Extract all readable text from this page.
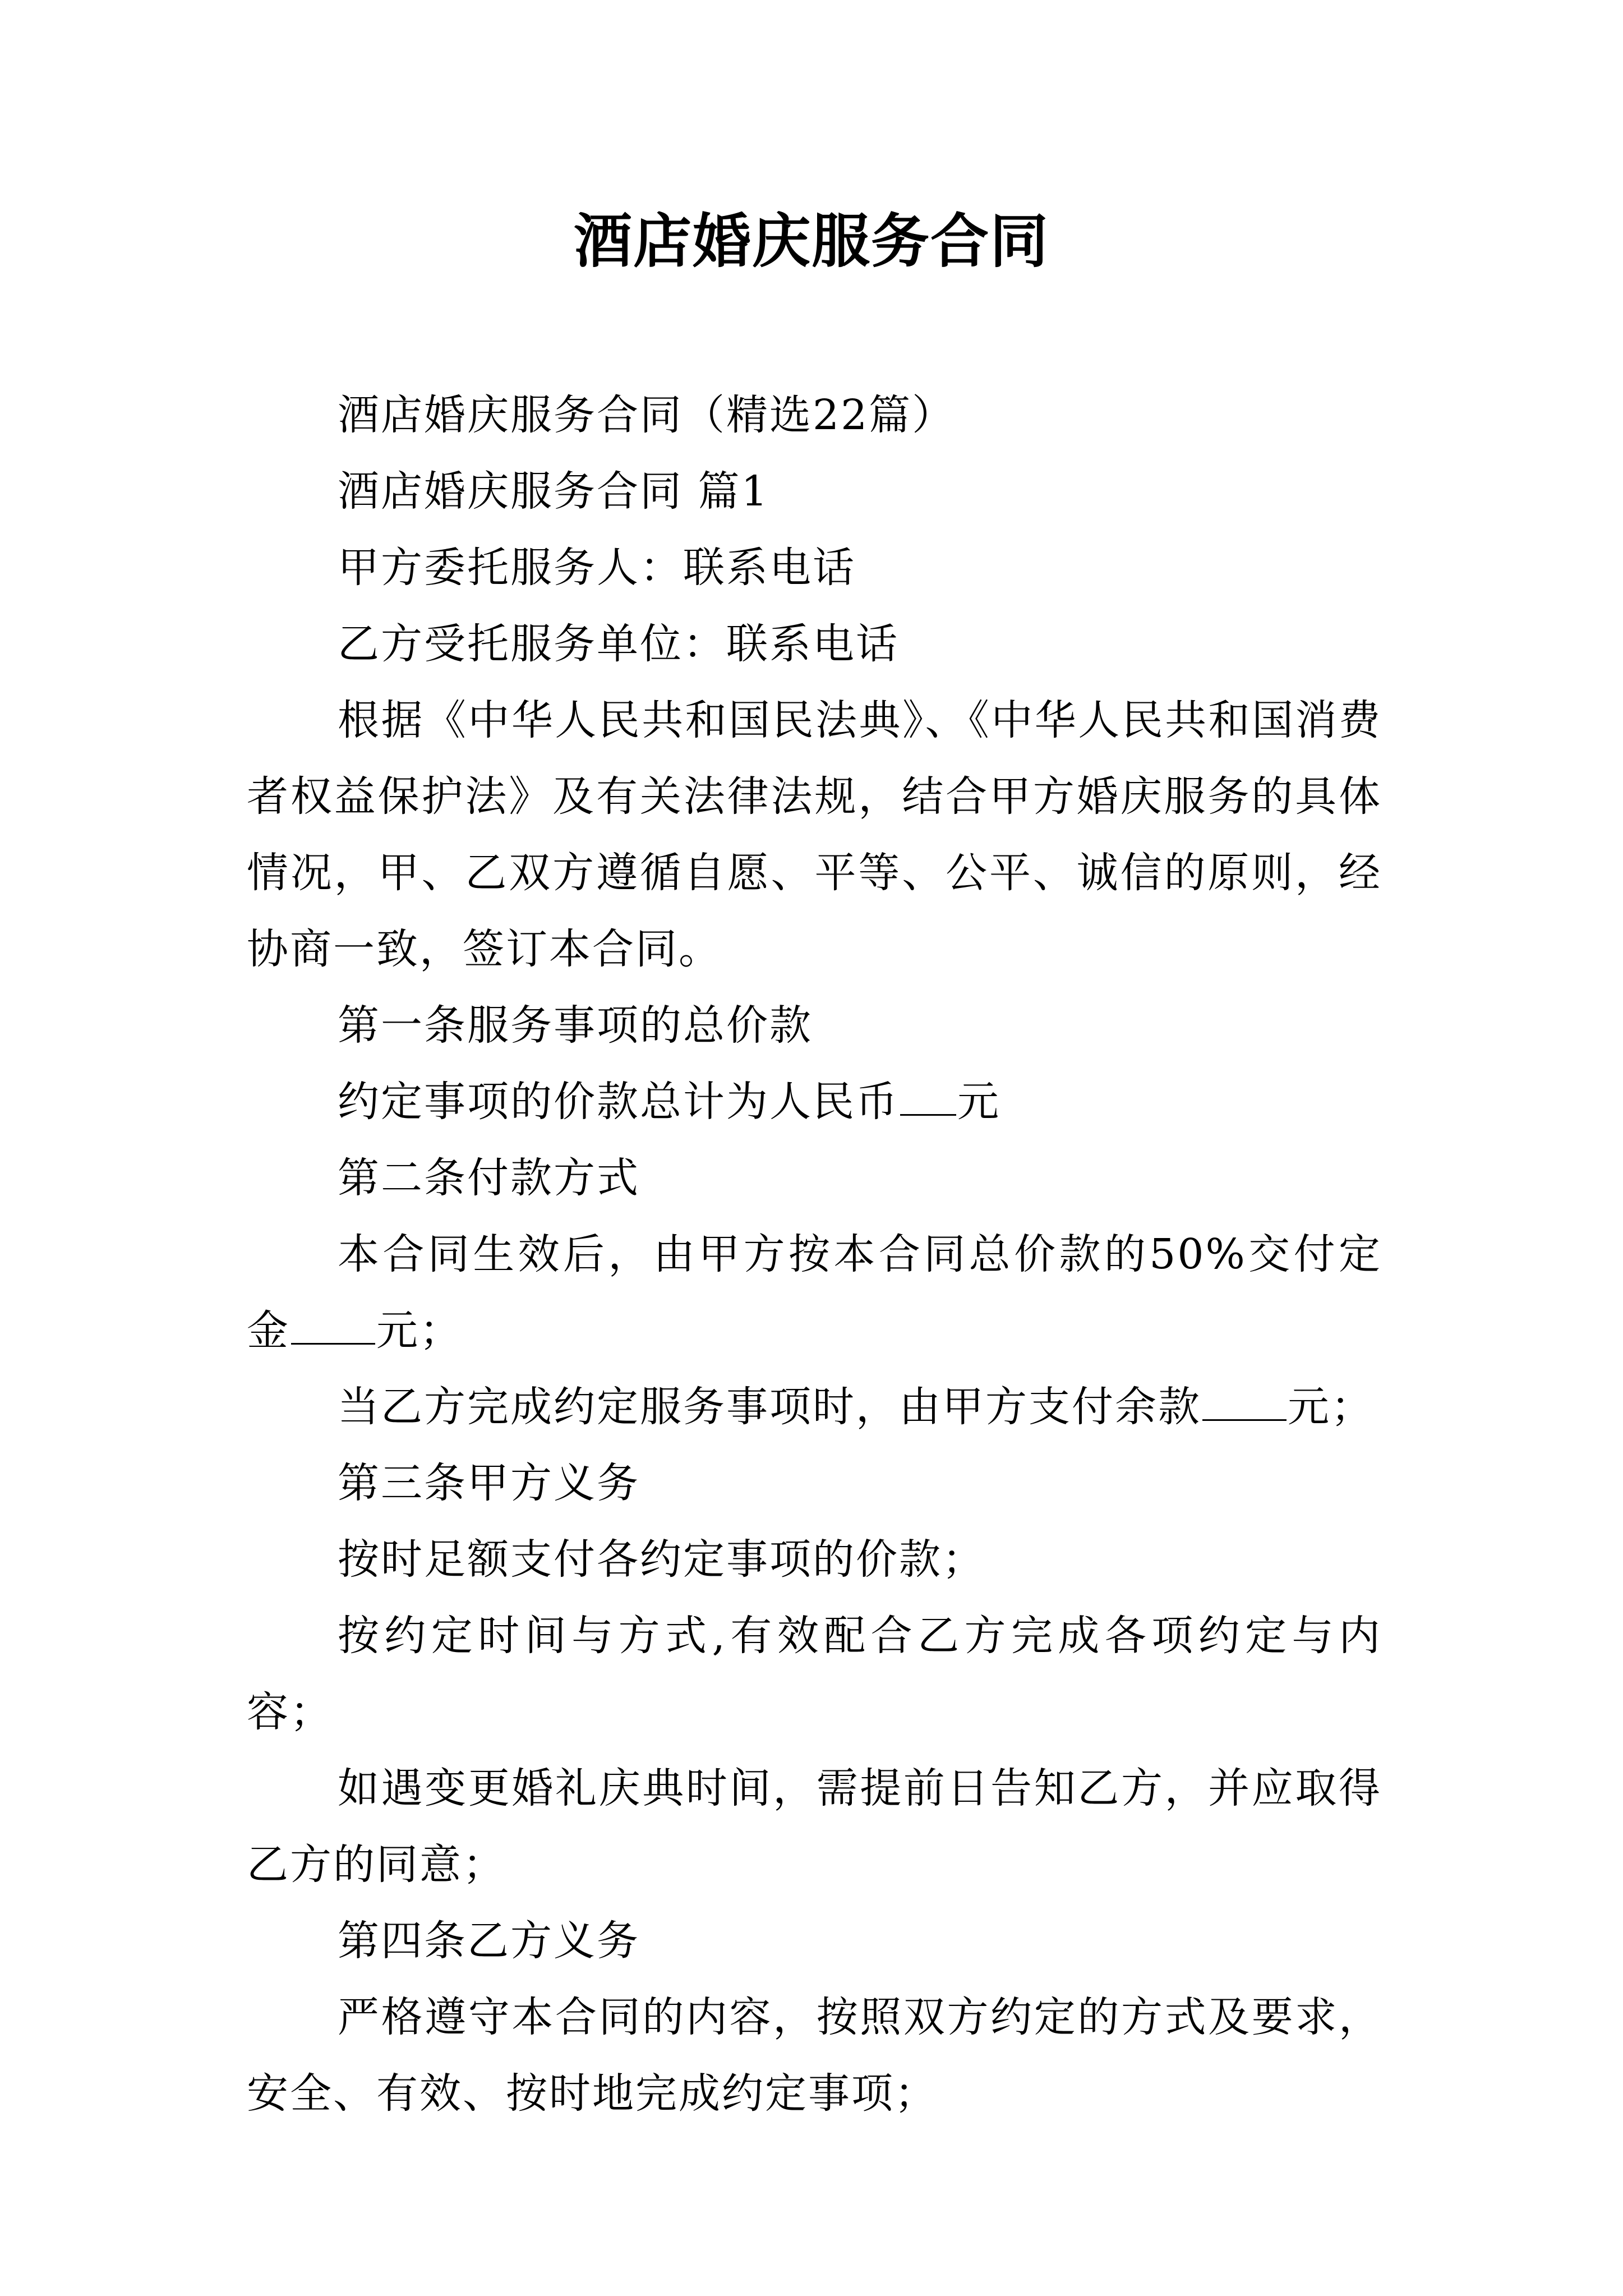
酒店婚庆服务合同

酒店婚庆服务合同（精选22篇）

酒店婚庆服务合同 篇1

甲方委托服务人：联系电话

乙方受托服务单位：联系电话

根据《中华人民共和国民法典》、《中华人民共和国消费者权益保护法》及有关法律法规，结合甲方婚庆服务的具体情况，甲、乙双方遵循自愿、平等、公平、诚信的原则，经协商一致，签订本合同。

第一条服务事项的总价款

约定事项的价款总计为人民币 元

第二条付款方式

本合同生效后，由甲方按本合同总价款的50%交付定金 元；

当乙方完成约定服务事项时，由甲方支付余款 元；

第三条甲方义务

按时足额支付各约定事项的价款；

按约定时间与方式,有效配合乙方完成各项约定与内容；

如遇变更婚礼庆典时间，需提前日告知乙方，并应取得乙方的同意；

第四条乙方义务

严格遵守本合同的内容，按照双方约定的方式及要求，安全、有效、按时地完成约定事项；
